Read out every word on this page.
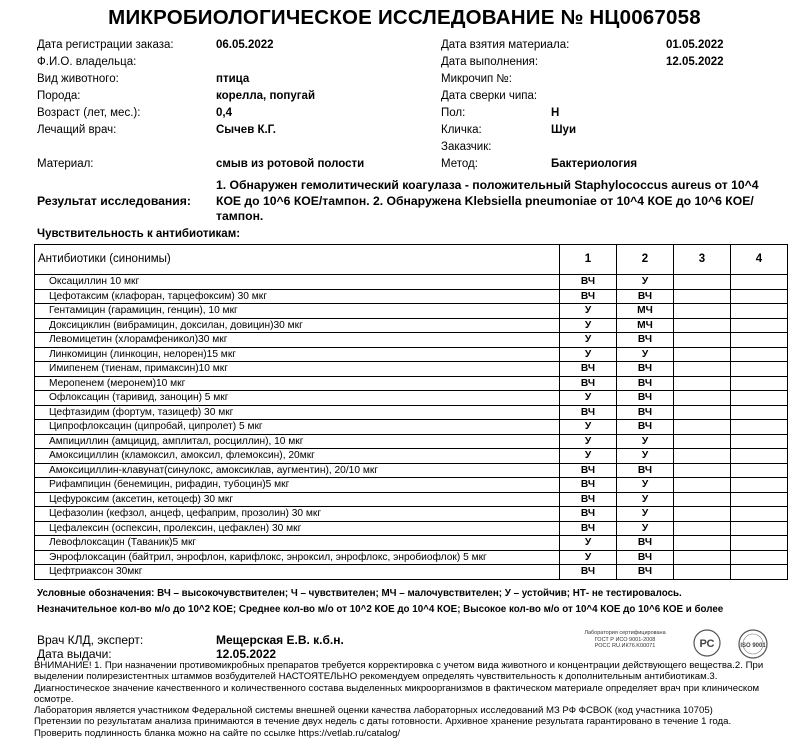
МИКРОБИОЛОГИЧЕСКОЕ ИССЛЕДОВАНИЕ № НЦ0067058
Дата регистрации заказа:	06.05.2022
Ф.И.О. владельца:
Вид животного:	птица
Порода:	корелла, попугай
Возраст (лет, мес.):	0,4
Лечащий врач:	Сычев К.Г.
Дата взятия материала:	01.05.2022
Дата выполнения:	12.05.2022
Микрочип №:
Дата сверки чипа:
Пол:	Н
Кличка:	Шуи
Заказчик:
Материал:	смыв из ротовой полости	Метод:	Бактериология
Результат исследования:
1. Обнаружен гемолитический коагулаза - положительный Staphylococcus aureus от 10^4 КОЕ до 10^6 КОЕ/тампон. 2. Обнаружена Klebsiella pneumoniae от 10^4 КОЕ до 10^6 КОЕ/тампон.
Чувствительность к антибиотикам:
Антибиотики (синонимы)	1	2	3	4
Оксациллин 10 мкг	ВЧ	У		
Цефотаксим (клафоран, тарцефоксим) 30 мкг	ВЧ	ВЧ		
Гентамицин (гарамицин, генцин), 10 мкг	У	МЧ		
Доксициклин (вибрамицин, доксилан, довицин)30 мкг	У	МЧ		
Левомицетин (хлорамфеникол)30 мкг	У	ВЧ		
Линкомицин (линкоцин, нелорен)15 мкг	У	У		
Имипенем (тиенам, примаксин)10 мкг	ВЧ	ВЧ		
Меропенем (меронем)10 мкг	ВЧ	ВЧ		
Офлоксацин (таривид, заноцин) 5 мкг	У	ВЧ		
Цефтазидим (фортум, тазицеф) 30 мкг	ВЧ	ВЧ		
Ципрофлоксацин (ципробай, ципролет) 5 мкг	У	ВЧ		
Ампициллин (амцицид, амплитал, росциллин), 10 мкг	У	У		
Амоксициллин (кламоксил, амоксил, флемоксин), 20мкг	У	У		
Амоксициллин-клавунат(синулокс, амоксиклав, аугментин), 20/10 мкг	ВЧ	ВЧ		
Рифампицин (бенемицин, рифадин, тубоцин)5 мкг	ВЧ	У		
Цефуроксим (аксетин, кетоцеф) 30 мкг	ВЧ	У		
Цефазолин (кефзол, анцеф, цефаприм, прозолин) 30 мкг	ВЧ	У		
Цефалексин (оспексин, пролексин, цефаклен) 30 мкг	ВЧ	У		
Левофлоксацин (Таваник)5 мкг	У	ВЧ		
Энрофлоксацин (байтрил, энрофлон, карифлокс, энроксил, энрофлокс, энробиофлок) 5 мкг	У	ВЧ		
Цефтриаксон 30мкг	ВЧ	ВЧ		
Условные обозначения: ВЧ – высокочувствителен; Ч – чувствителен; МЧ – малочувствителен; У – устойчив; НТ- не тестировалось.
Незначительное кол-во м/о до 10^2 КОЕ; Среднее кол-во м/о от 10^2 КОЕ до 10^4 КОЕ; Высокое кол-во м/о от 10^4 КОЕ до 10^6 КОЕ и более
Врач КЛД, эксперт:	Мещерская Е.В. к.б.н.
Дата выдачи:	12.05.2022
Лаборатория сертифицирована
ГОСТ Р ИСО 9001-2008
РОСС RU.ИК76.K00071	РС	ISO 9001
ВНИМАНИЕ! 1. При назначении противомикробных препаратов требуется корректировка с учетом вида животного и концентрации действующего вещества.2. При выделении полирезистентных штаммов возбудителей НАСТОЯТЕЛЬНО рекомендуем определять чувствительность к дополнительным антибиотикам.3. Диагностическое значение качественного и количественного состава выделенных микроорганизмов в фактическом материале определяет врач при клиническом осмотре.
Лаборатория является участником Федеральной системы внешней оценки качества лабораторных исследований МЗ РФ ФСВОК (код участника 10705)
Претензии по результатам анализа принимаются в течение двух недель с даты готовности. Архивное хранение результата гарантировано в течение 1 года.
Проверить подлинность бланка можно на сайте по ссылке https://vetlab.ru/catalog/
